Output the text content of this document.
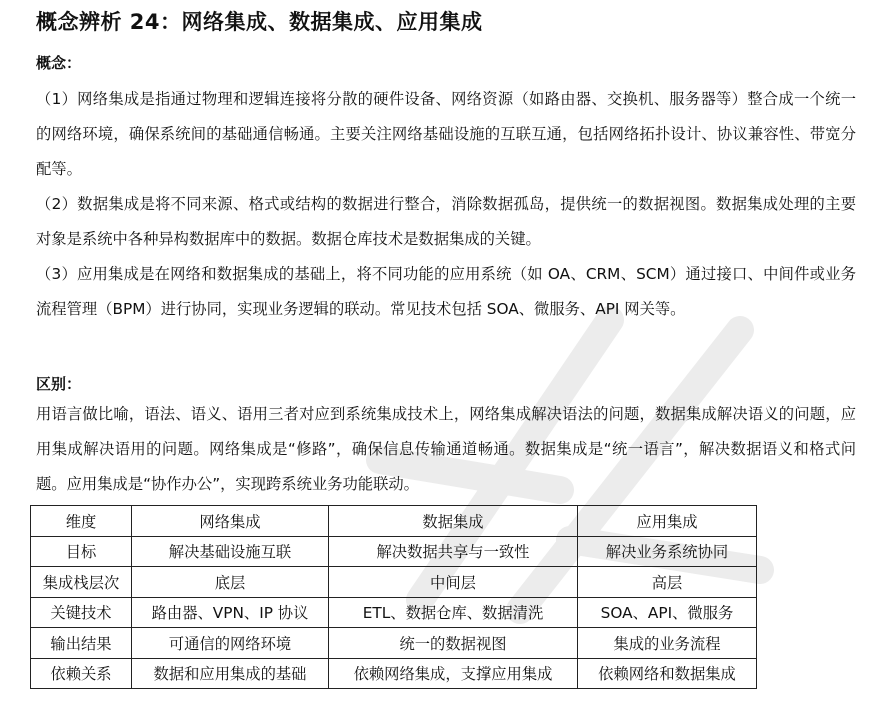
概念辨析 24：网络集成、数据集成、应用集成
概念：
（1）网络集成是指通过物理和逻辑连接将分散的硬件设备、网络资源（如路由器、交换机、服务器等）整合成一个统一的网络环境，确保系统间的基础通信畅通。主要关注网络基础设施的互联互通，包括网络拓扑设计、协议兼容性、带宽分配等。
（2）数据集成是将不同来源、格式或结构的数据进行整合，消除数据孤岛，提供统一的数据视图。数据集成处理的主要对象是系统中各种异构数据库中的数据。数据仓库技术是数据集成的关键。
（3）应用集成是在网络和数据集成的基础上，将不同功能的应用系统（如 OA、CRM、SCM）通过接口、中间件或业务流程管理（BPM）进行协同，实现业务逻辑的联动。常见技术包括 SOA、微服务、API 网关等。
区别：
用语言做比喻，语法、语义、语用三者对应到系统集成技术上，网络集成解决语法的问题，数据集成解决语义的问题，应用集成解决语用的问题。网络集成是“修路”，确保信息传输通道畅通。数据集成是“统一语言”，解决数据语义和格式问题。应用集成是“协作办公”，实现跨系统业务功能联动。
维度	网络集成	数据集成	应用集成
目标	解决基础设施互联	解决数据共享与一致性	解决业务系统协同
集成栈层次	底层	中间层	高层
关键技术	路由器、VPN、IP 协议	ETL、数据仓库、数据清洗	SOA、API、微服务
输出结果	可通信的网络环境	统一的数据视图	集成的业务流程
依赖关系	数据和应用集成的基础	依赖网络集成，支撑应用集成	依赖网络和数据集成
